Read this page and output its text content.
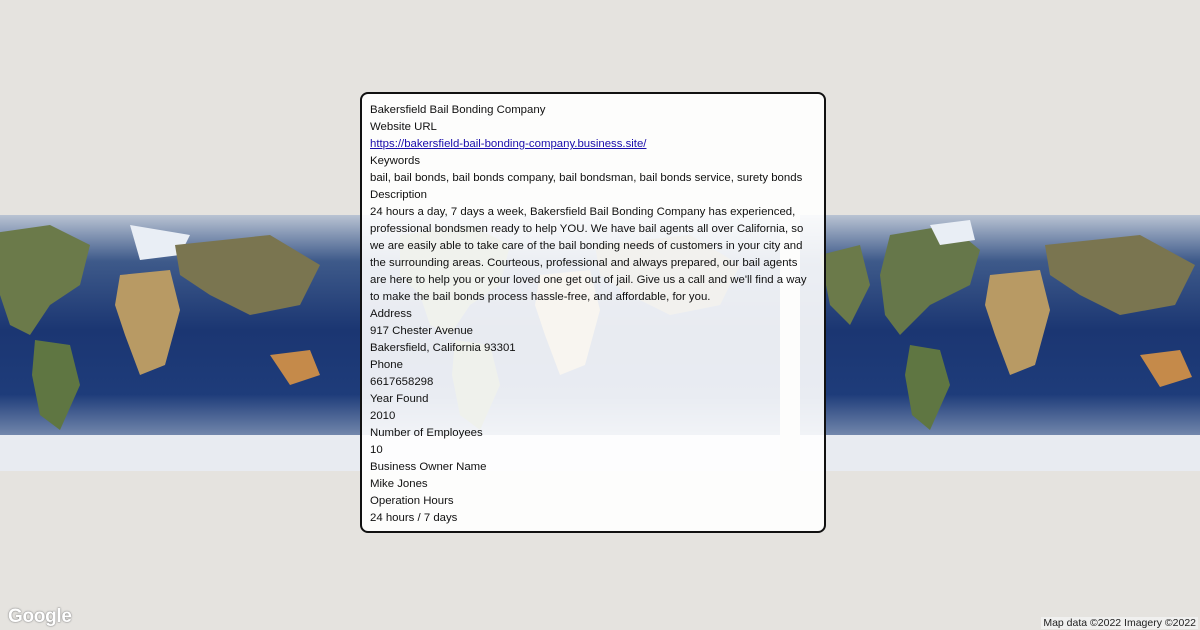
Bakersfield Bail Bonding Company
Website URL
https://bakersfield-bail-bonding-company.business.site/
Keywords
bail, bail bonds, bail bonds company, bail bondsman, bail bonds service, surety bonds
Description
24 hours a day, 7 days a week, Bakersfield Bail Bonding Company has experienced, professional bondsmen ready to help YOU. We have bail agents all over California, so we are easily able to take care of the bail bonding needs of customers in your city and the surrounding areas. Courteous, professional and always prepared, our bail agents are here to help you or your loved one get out of jail. Give us a call and we'll find a way to make the bail bonds process hassle-free, and affordable, for you.
Address
917 Chester Avenue
Bakersfield, California 93301
Phone
6617658298
Year Found
2010
Number of Employees
10
Business Owner Name
Mike Jones
Operation Hours
24 hours / 7 days
Google	Map data ©2022 Imagery ©2022
